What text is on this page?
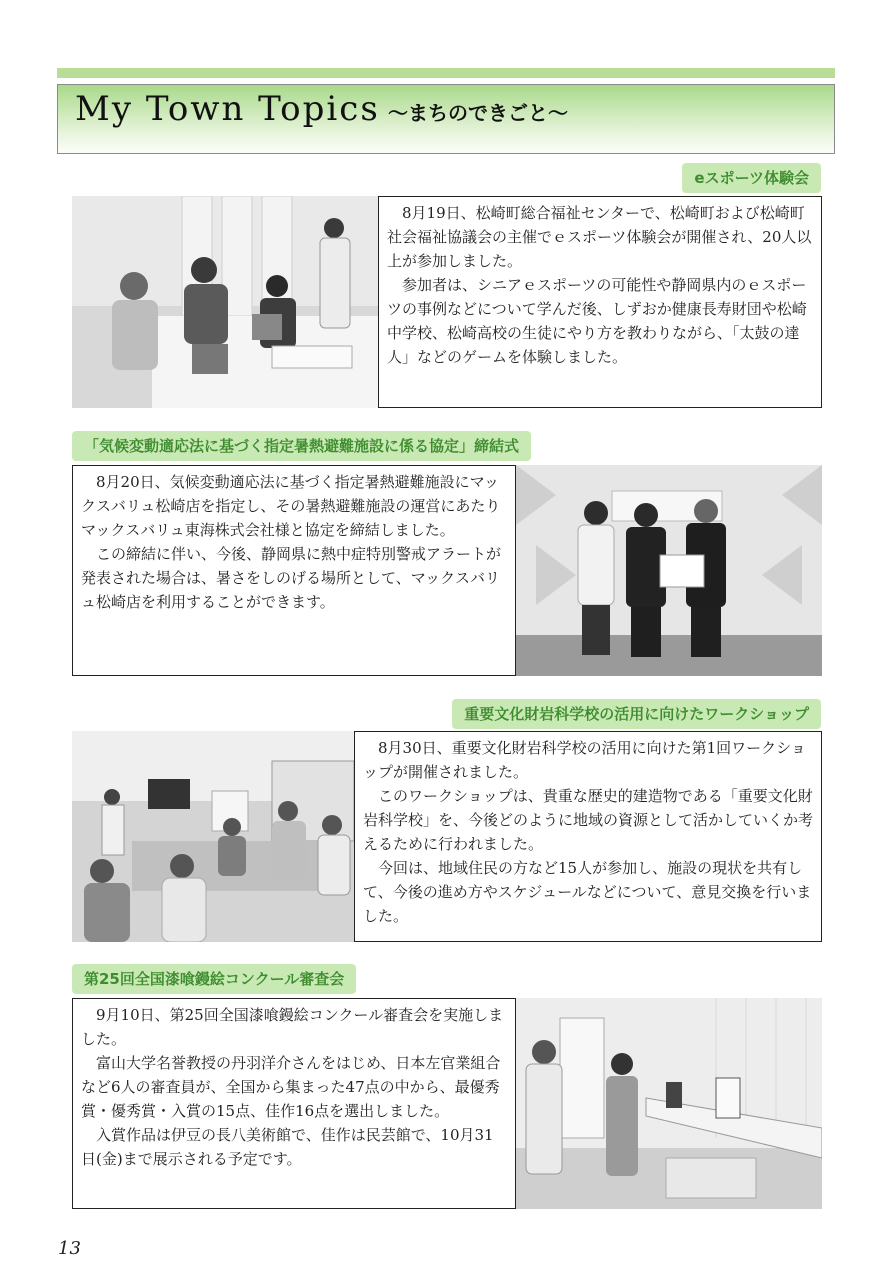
My Town Topics ～まちのできごと～
eスポーツ体験会

8月19日、松崎町総合福祉センターで、松崎町および松崎町社会福祉協議会の主催でｅスポーツ体験会が開催され、20人以上が参加しました。

参加者は、シニアｅスポーツの可能性や静岡県内のｅスポーツの事例などについて学んだ後、しずおか健康長寿財団や松崎中学校、松崎高校の生徒にやり方を教わりながら、「太鼓の達人」などのゲームを体験しました。

「気候変動適応法に基づく指定暑熱避難施設に係る協定」締結式

8月20日、気候変動適応法に基づく指定暑熱避難施設にマックスバリュ松崎店を指定し、その暑熱避難施設の運営にあたりマックスバリュ東海株式会社様と協定を締結しました。

この締結に伴い、今後、静岡県に熱中症特別警戒アラートが発表された場合は、暑さをしのげる場所として、マックスバリュ松崎店を利用することができます。

重要文化財岩科学校の活用に向けたワークショップ

8月30日、重要文化財岩科学校の活用に向けた第1回ワークショップが開催されました。

このワークショップは、貴重な歴史的建造物である「重要文化財岩科学校」を、今後どのように地域の資源として活かしていくか考えるために行われました。

今回は、地域住民の方など15人が参加し、施設の現状を共有して、今後の進め方やスケジュールなどについて、意見交換を行いました。

第25回全国漆喰鏝絵コンクール審査会

9月10日、第25回全国漆喰鏝絵コンクール審査会を実施しました。

富山大学名誉教授の丹羽洋介さんをはじめ、日本左官業組合など6人の審査員が、全国から集まった47点の中から、最優秀賞・優秀賞・入賞の15点、佳作16点を選出しました。

入賞作品は伊豆の長八美術館で、佳作は民芸館で、10月31日(金)まで展示される予定です。

13
